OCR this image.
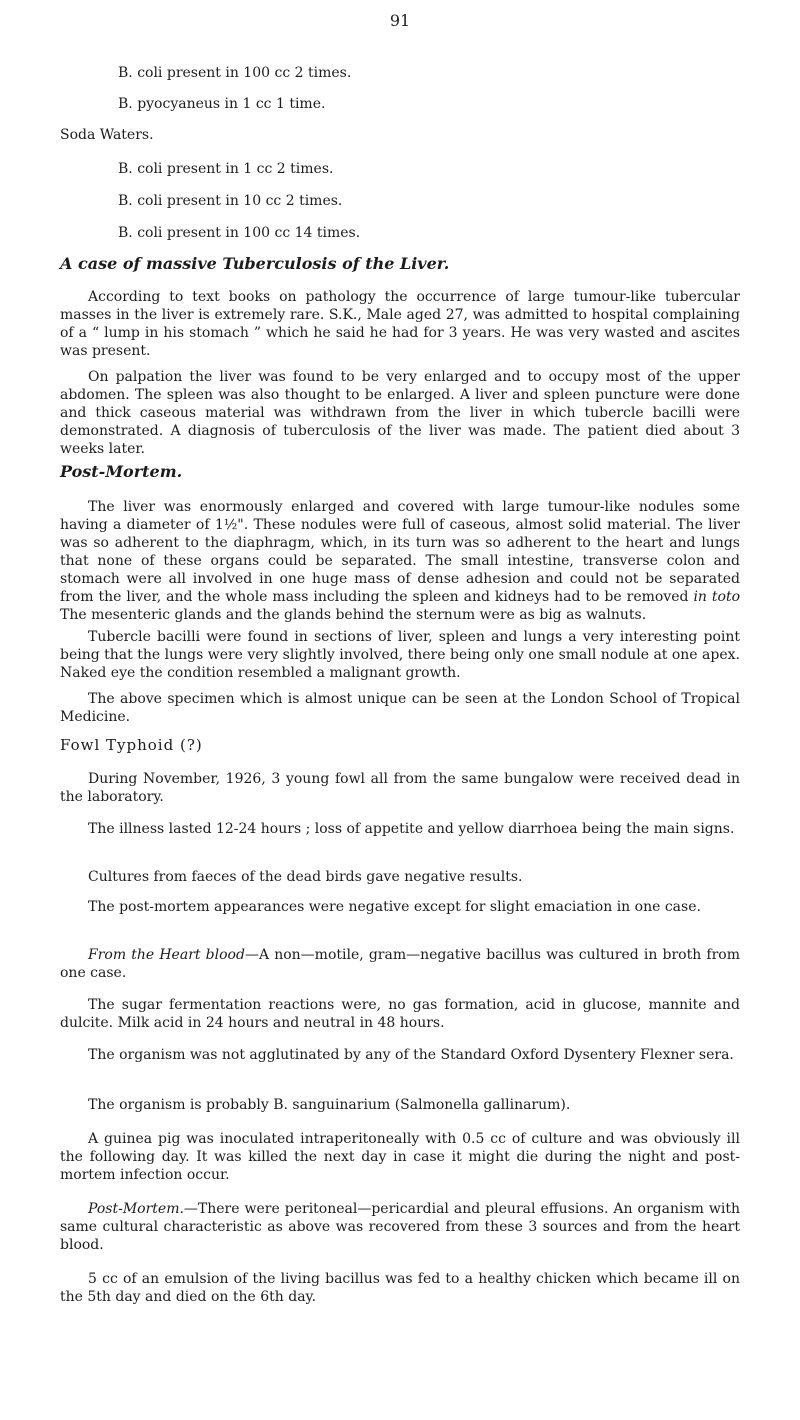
91
B. coli present in 100 cc 2 times.
B. pyocyaneus in 1 cc 1 time.
Soda Waters.
B. coli present in 1 cc 2 times.
B. coli present in 10 cc 2 times.
B. coli present in 100 cc 14 times.
A case of massive Tuberculosis of the Liver.

According to text books on pathology the occurrence of large tumour-like tubercular masses in the liver is extremely rare. S.K., Male aged 27, was admitted to hospital complaining of a “ lump in his stomach ” which he said he had for 3 years. He was very wasted and ascites was present.

On palpation the liver was found to be very enlarged and to occupy most of the upper abdomen. The spleen was also thought to be enlarged. A liver and spleen puncture were done and thick caseous material was withdrawn from the liver in which tubercle bacilli were demonstrated. A diagnosis of tuberculosis of the liver was made. The patient died about 3 weeks later.

Post-Mortem.

The liver was enormously enlarged and covered with large tumour-like nodules some having a diameter of 1½". These nodules were full of caseous, almost solid material. The liver was so adherent to the diaphragm, which, in its turn was so adherent to the heart and lungs that none of these organs could be separated. The small intestine, transverse colon and stomach were all involved in one huge mass of dense adhesion and could not be separated from the liver, and the whole mass including the spleen and kidneys had to be removed in toto The mesenteric glands and the glands behind the sternum were as big as walnuts.

Tubercle bacilli were found in sections of liver, spleen and lungs a very interesting point being that the lungs were very slightly involved, there being only one small nodule at one apex. Naked eye the condition resembled a malignant growth.

The above specimen which is almost unique can be seen at the London School of Tropical Medicine.

Fowl Typhoid (?)

During November, 1926, 3 young fowl all from the same bungalow were received dead in the laboratory.

The illness lasted 12-24 hours ; loss of appetite and yellow diarrhoea being the main signs.

Cultures from faeces of the dead birds gave negative results.

The post-mortem appearances were negative except for slight emaciation in one case.

From the Heart blood—A non—motile, gram—negative bacillus was cultured in broth from one case.

The sugar fermentation reactions were, no gas formation, acid in glucose, mannite and dulcite. Milk acid in 24 hours and neutral in 48 hours.

The organism was not agglutinated by any of the Standard Oxford Dysentery Flexner sera.

The organism is probably B. sanguinarium (Salmonella gallinarum).

A guinea pig was inoculated intraperitoneally with 0.5 cc of culture and was obviously ill the following day. It was killed the next day in case it might die during the night and post-mortem infection occur.

Post-Mortem.—There were peritoneal—pericardial and pleural effusions. An organism with same cultural characteristic as above was recovered from these 3 sources and from the heart blood.

5 cc of an emulsion of the living bacillus was fed to a healthy chicken which became ill on the 5th day and died on the 6th day.
